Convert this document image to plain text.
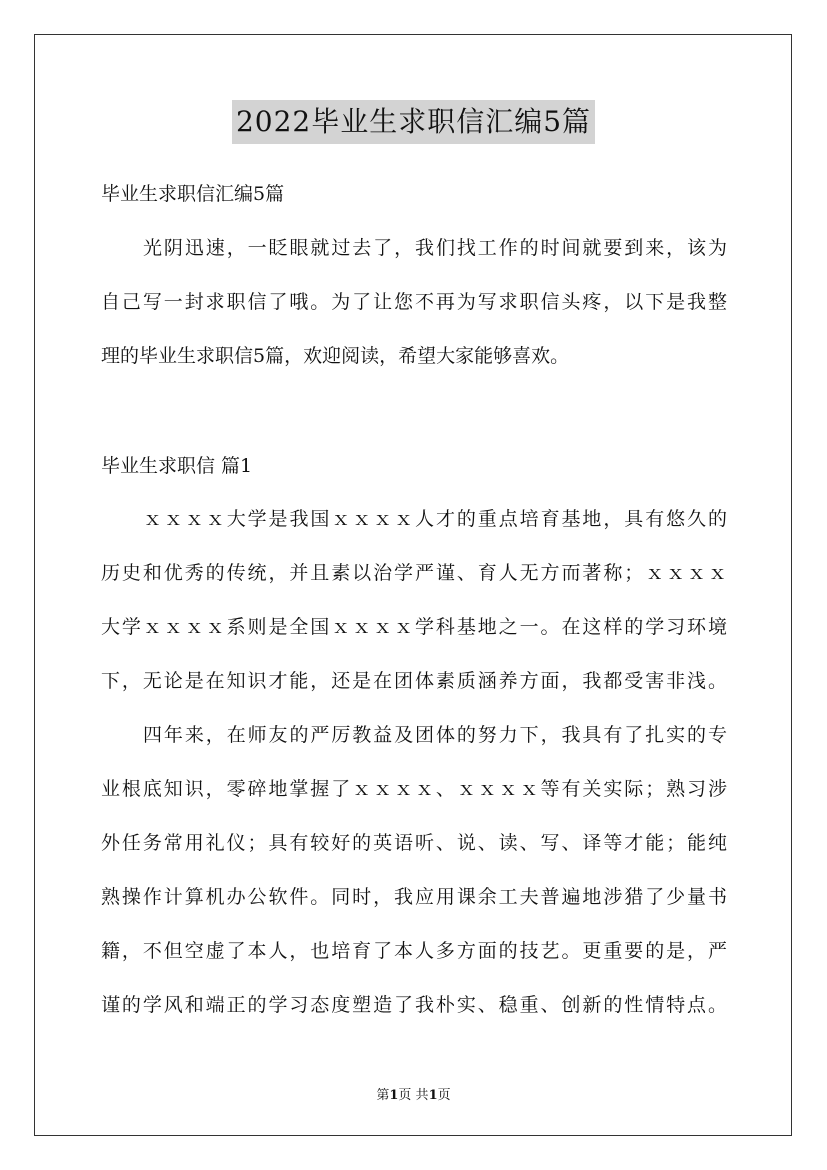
2022毕业生求职信汇编5篇
毕业生求职信汇编5篇
光阴迅速，一眨眼就过去了，我们找工作的时间就要到来，该为
自己写一封求职信了哦。为了让您不再为写求职信头疼，以下是我整
理的毕业生求职信5篇，欢迎阅读，希望大家能够喜欢。
毕业生求职信 篇1
ｘｘｘｘ大学是我国ｘｘｘｘ人才的重点培育基地，具有悠久的
历史和优秀的传统，并且素以治学严谨、育人无方而著称；ｘｘｘｘ
大学ｘｘｘｘ系则是全国ｘｘｘｘ学科基地之一。在这样的学习环境
下，无论是在知识才能，还是在团体素质涵养方面，我都受害非浅。
四年来，在师友的严厉教益及团体的努力下，我具有了扎实的专
业根底知识，零碎地掌握了ｘｘｘｘ、ｘｘｘｘ等有关实际；熟习涉
外任务常用礼仪；具有较好的英语听、说、读、写、译等才能；能纯
熟操作计算机办公软件。同时，我应用课余工夫普遍地涉猎了少量书
籍，不但空虚了本人，也培育了本人多方面的技艺。更重要的是，严
谨的学风和端正的学习态度塑造了我朴实、稳重、创新的性情特点。
第1页 共1页
